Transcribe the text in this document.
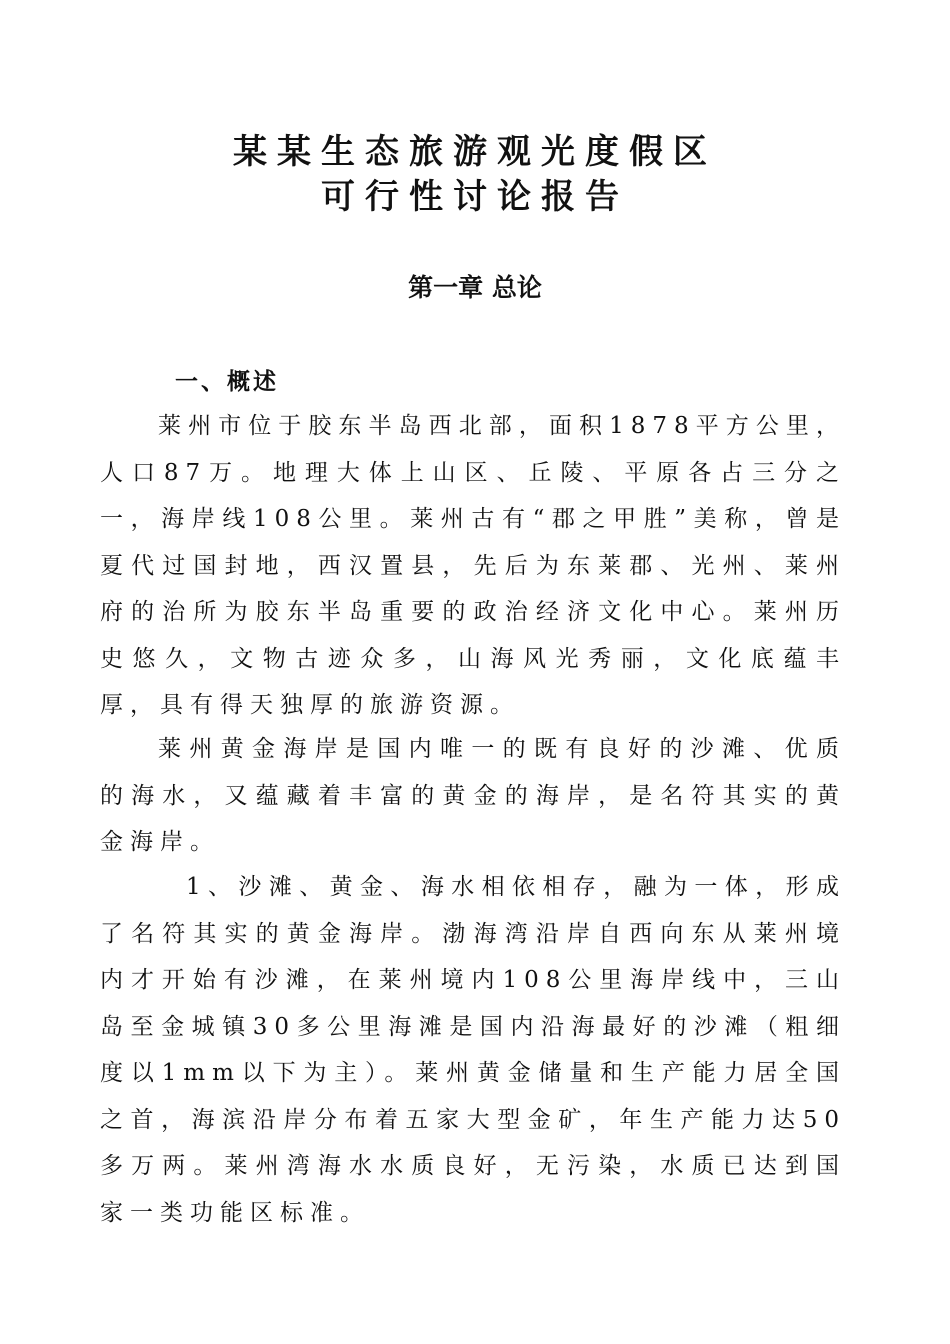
某某生态旅游观光度假区
可行性讨论报告
第一章 总论
一、概述

莱州市位于胶东半岛西北部，面积1878平方公里，人口87万。地理大体上山区、丘陵、平原各占三分之一，海岸线108公里。莱州古有“郡之甲胜”美称，曾是夏代过国封地，西汉置县，先后为东莱郡、光州、莱州府的治所为胶东半岛重要的政治经济文化中心。莱州历史悠久，文物古迹众多，山海风光秀丽，文化底蕴丰厚，具有得天独厚的旅游资源。

莱州黄金海岸是国内唯一的既有良好的沙滩、优质的海水，又蕴藏着丰富的黄金的海岸，是名符其实的黄金海岸。

1、沙滩、黄金、海水相依相存，融为一体，形成了名符其实的黄金海岸。渤海湾沿岸自西向东从莱州境内才开始有沙滩，在莱州境内108公里海岸线中，三山岛至金城镇30多公里海滩是国内沿海最好的沙滩（粗细度以1mm以下为主）。莱州黄金储量和生产能力居全国之首，海滨沿岸分布着五家大型金矿，年生产能力达50多万两。莱州湾海水水质良好，无污染，水质已达到国家一类功能区标准。
